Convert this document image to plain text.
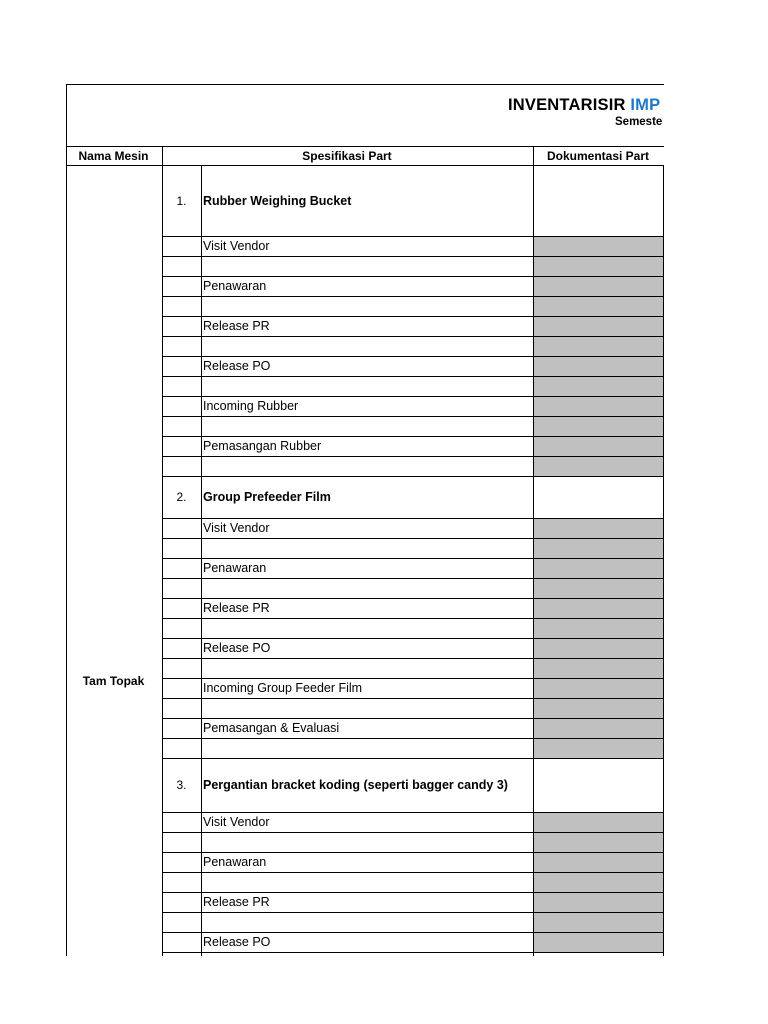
INVENTARISIR IMP
Semeste
Nama Mesin	Spesifikasi Part	Dokumentasi Part
Tam Topak
1.	Rubber Weighing Bucket
Visit Vendor
Penawaran
Release PR
Release PO
Incoming Rubber
Pemasangan Rubber
2.	Group Prefeeder Film
Visit Vendor
Penawaran
Release PR
Release PO
Incoming Group Feeder Film
Pemasangan & Evaluasi
3.	Pergantian bracket koding (seperti bagger candy 3)
Visit Vendor
Penawaran
Release PR
Release PO
